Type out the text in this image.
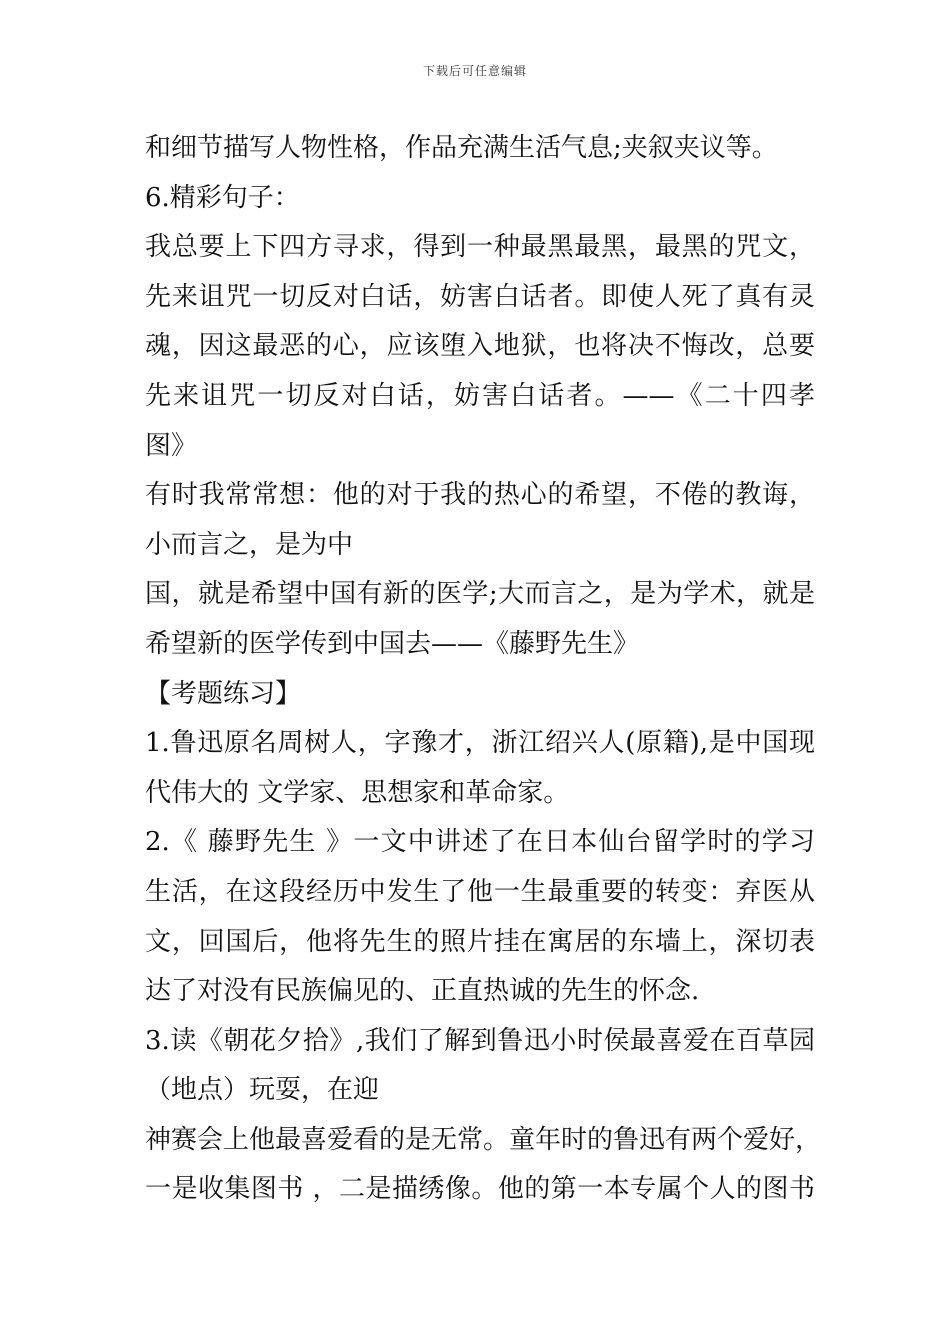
下载后可任意编辑
和细节描写人物性格，作品充满生活气息;夹叙夹议等。
6.精彩句子：
我总要上下四方寻求，得到一种最黑最黑，最黑的咒文，
先来诅咒一切反对白话，妨害白话者。即使人死了真有灵
魂，因这最恶的心，应该堕入地狱，也将决不悔改，总要
先来诅咒一切反对白话，妨害白话者。——《二十四孝
图》
有时我常常想：他的对于我的热心的希望，不倦的教诲，
小而言之，是为中
国，就是希望中国有新的医学;大而言之，是为学术，就是
希望新的医学传到中国去——《藤野先生》
【考题练习】
1.鲁迅原名周树人，字豫才，浙江绍兴人(原籍),是中国现
代伟大的 文学家、思想家和革命家。
2.《 藤野先生 》一文中讲述了在日本仙台留学时的学习
生活，在这段经历中发生了他一生最重要的转变：弃医从
文，回国后，他将先生的照片挂在寓居的东墙上，深切表
达了对没有民族偏见的、正直热诚的先生的怀念.
3.读《朝花夕拾》,我们了解到鲁迅小时侯最喜爱在百草园
（地点）玩耍，在迎
神赛会上他最喜爱看的是无常。童年时的鲁迅有两个爱好，
一是收集图书 ，二是描绣像。他的第一本专属个人的图书
